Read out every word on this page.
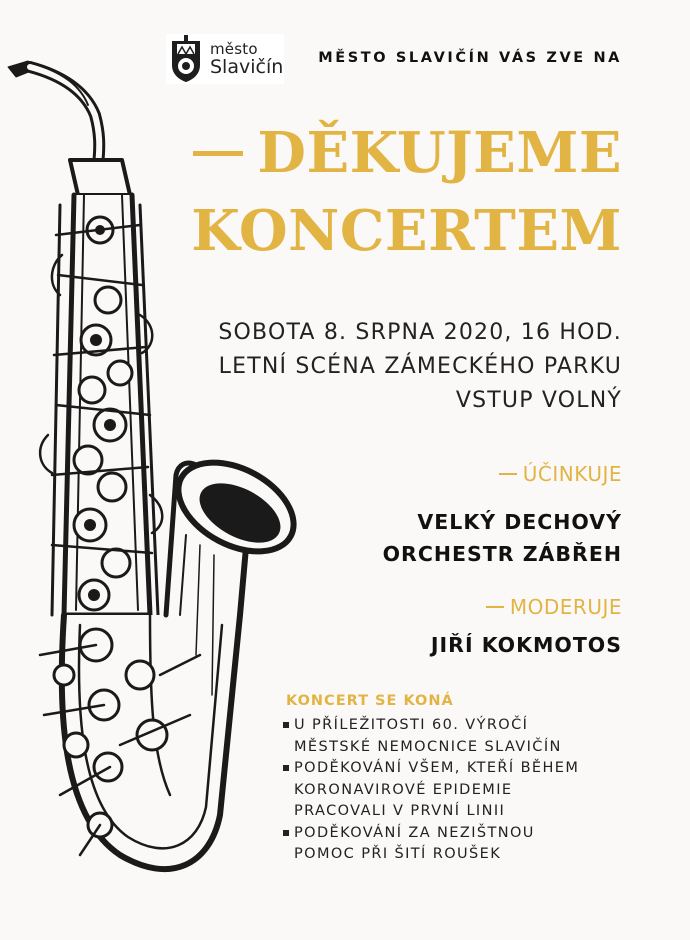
město
Slavičín MĚSTO SLAVIČÍN VÁS ZVE NA
DĚKUJEME
KONCERTEM
SOBOTA 8. SRPNA 2020, 16 HOD.
LETNÍ SCÉNA ZÁMECKÉHO PARKU
VSTUP VOLNÝ
ÚČINKUJE
VELKÝ DECHOVÝ
ORCHESTR ZÁBŘEH
MODERUJE
JIŘÍ KOKMOTOS
KONCERT SE KONÁ
U PŘÍLEŽITOSTI 60. VÝROČÍ
MĚSTSKÉ NEMOCNICE SLAVIČÍN
PODĚKOVÁNÍ VŠEM, KTEŘÍ BĚHEM
KORONAVIROVÉ EPIDEMIE
PRACOVALI V PRVNÍ LINII
PODĚKOVÁNÍ ZA NEZIŠTNOU
POMOC PŘI ŠITÍ ROUŠEK
